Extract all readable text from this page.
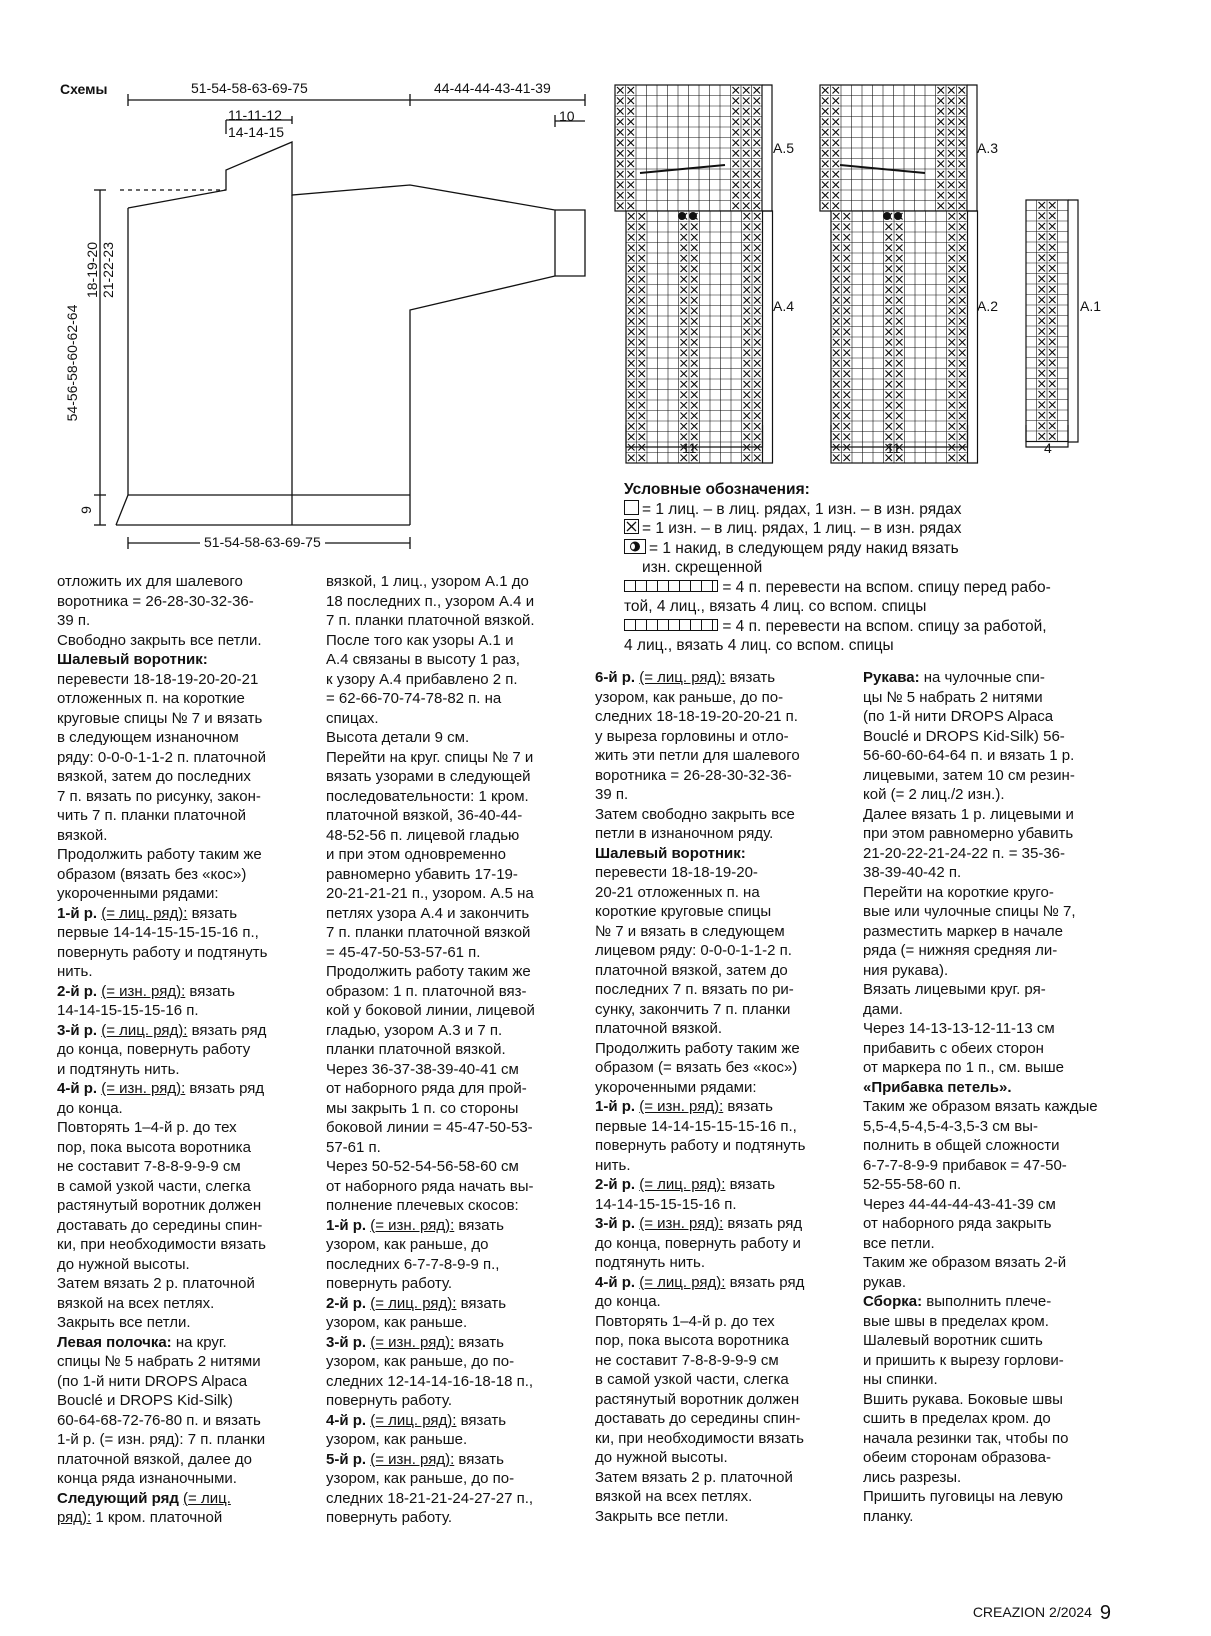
Схемы	51-54-58-63-69-75	44-44-44-43-41-39
10
11-11-12
14-14-15
18-19-20 21-22-23
54-56-58-60-62-64
9
51-54-58-63-69-75
A.5
A.4
A.3
A.2	A.1
11	11	4

Условные обозначения:

= 1 лиц. – в лиц. рядах, 1 изн. – в изн. рядах

= 1 изн. – в лиц. рядах, 1 лиц. – в изн. рядах

= 1 накид, в следующем ряду накид вязать

изн. скрещенной

= 4 п. перевести на вспом. спицу перед рабо-

той, 4 лиц., вязать 4 лиц. со вспом. спицы

= 4 п. перевести на вспом. спицу за работой,

4 лиц., вязать 4 лиц. со вспом. спицы

отложить их для шалевого

воротника = 26-28-30-32-36-

39 п.

Свободно закрыть все петли.

Шалевый воротник:

перевести 18-18-19-20-20-21

отложенных п. на короткие

круговые спицы № 7 и вязать

в следующем изнаночном

ряду: 0-0-0-1-1-2 п. платочной

вязкой, затем до последних

7 п. вязать по рисунку, закон-

чить 7 п. планки платочной

вязкой.

Продолжить работу таким же

образом (вязать без «кос»)

укороченными рядами:

1-й р. (= лиц. ряд): вязать

первые 14-14-15-15-15-16 п.,

повернуть работу и подтянуть

нить.

2-й р. (= изн. ряд): вязать

14-14-15-15-15-16 п.

3-й р. (= лиц. ряд): вязать ряд

до конца, повернуть работу

и подтянуть нить.

4-й р. (= изн. ряд): вязать ряд

до конца.

Повторять 1–4-й р. до тех

пор, пока высота воротника

не составит 7-8-8-9-9-9 см

в самой узкой части, слегка

растянутый воротник должен

доставать до середины спин-

ки, при необходимости вязать

до нужной высоты.

Затем вязать 2 р. платочной

вязкой на всех петлях.

Закрыть все петли.

Левая полочка: на круг.

спицы № 5 набрать 2 нитями

(по 1-й нити DROPS Alpaca

Bouclé и DROPS Kid-Silk)

60-64-68-72-76-80 п. и вязать

1-й р. (= изн. ряд): 7 п. планки

платочной вязкой, далее до

конца ряда изнаночными.

Следующий ряд (= лиц.

ряд): 1 кром. платочной

вязкой, 1 лиц., узором А.1 до

18 последних п., узором А.4 и

7 п. планки платочной вязкой.

После того как узоры А.1 и

А.4 связаны в высоту 1 раз,

к узору А.4 прибавлено 2 п.

= 62-66-70-74-78-82 п. на

спицах.

Высота детали 9 см.

Перейти на круг. спицы № 7 и

вязать узорами в следующей

последовательности: 1 кром.

платочной вязкой, 36-40-44-

48-52-56 п. лицевой гладью

и при этом одновременно

равномерно убавить 17-19-

20-21-21-21 п., узором. А.5 на

петлях узора А.4 и закончить

7 п. планки платочной вязкой

= 45-47-50-53-57-61 п.

Продолжить работу таким же

образом: 1 п. платочной вяз-

кой у боковой линии, лицевой

гладью, узором А.3 и 7 п.

планки платочной вязкой.

Через 36-37-38-39-40-41 см

от наборного ряда для прой-

мы закрыть 1 п. со стороны

боковой линии = 45-47-50-53-

57-61 п.

Через 50-52-54-56-58-60 см

от наборного ряда начать вы-

полнение плечевых скосов:

1-й р. (= изн. ряд): вязать

узором, как раньше, до

последних 6-7-7-8-9-9 п.,

повернуть работу.

2-й р. (= лиц. ряд): вязать

узором, как раньше.

3-й р. (= изн. ряд): вязать

узором, как раньше, до по-

следних 12-14-14-16-18-18 п.,

повернуть работу.

4-й р. (= лиц. ряд): вязать

узором, как раньше.

5-й р. (= изн. ряд): вязать

узором, как раньше, до по-

следних 18-21-21-24-27-27 п.,

повернуть работу.

6-й р. (= лиц. ряд): вязать

узором, как раньше, до по-

следних 18-18-19-20-20-21 п.

у выреза горловины и отло-

жить эти петли для шалевого

воротника = 26-28-30-32-36-

39 п.

Затем свободно закрыть все

петли в изнаночном ряду.

Шалевый воротник:

перевести 18-18-19-20-

20-21 отложенных п. на

короткие круговые спицы

№ 7 и вязать в следующем

лицевом ряду: 0-0-0-1-1-2 п.

платочной вязкой, затем до

последних 7 п. вязать по ри-

сунку, закончить 7 п. планки

платочной вязкой.

Продолжить работу таким же

образом (= вязать без «кос»)

укороченными рядами:

1-й р. (= изн. ряд): вязать

первые 14-14-15-15-15-16 п.,

повернуть работу и подтянуть

нить.

2-й р. (= лиц. ряд): вязать

14-14-15-15-15-16 п.

3-й р. (= изн. ряд): вязать ряд

до конца, повернуть работу и

подтянуть нить.

4-й р. (= лиц. ряд): вязать ряд

до конца.

Повторять 1–4-й р. до тех

пор, пока высота воротника

не составит 7-8-8-9-9-9 см

в самой узкой части, слегка

растянутый воротник должен

доставать до середины спин-

ки, при необходимости вязать

до нужной высоты.

Затем вязать 2 р. платочной

вязкой на всех петлях.

Закрыть все петли.

Рукава: на чулочные спи-

цы № 5 набрать 2 нитями

(по 1-й нити DROPS Alpaca

Bouclé и DROPS Kid-Silk) 56-

56-60-60-64-64 п. и вязать 1 р.

лицевыми, затем 10 см резин-

кой (= 2 лиц./2 изн.).

Далее вязать 1 р. лицевыми и

при этом равномерно убавить

21-20-22-21-24-22 п. = 35-36-

38-39-40-42 п.

Перейти на короткие круго-

вые или чулочные спицы № 7,

разместить маркер в начале

ряда (= нижняя средняя ли-

ния рукава).

Вязать лицевыми круг. ря-

дами.

Через 14-13-13-12-11-13 см

прибавить с обеих сторон

от маркера по 1 п., см. выше

«Прибавка петель».

Таким же образом вязать каждые

5,5-4,5-4,5-4-3,5-3 см вы-

полнить в общей сложности

6-7-7-8-9-9 прибавок = 47-50-

52-55-58-60 п.

Через 44-44-44-43-41-39 см

от наборного ряда закрыть

все петли.

Таким же образом вязать 2-й

рукав.

Сборка: выполнить плече-

вые швы в пределах кром.

Шалевый воротник сшить

и пришить к вырезу горлови-

ны спинки.

Вшить рукава. Боковые швы

сшить в пределах кром. до

начала резинки так, чтобы по

обеим сторонам образова-

лись разрезы.

Пришить пуговицы на левую

планку.

CREAZION 2/2024 9
